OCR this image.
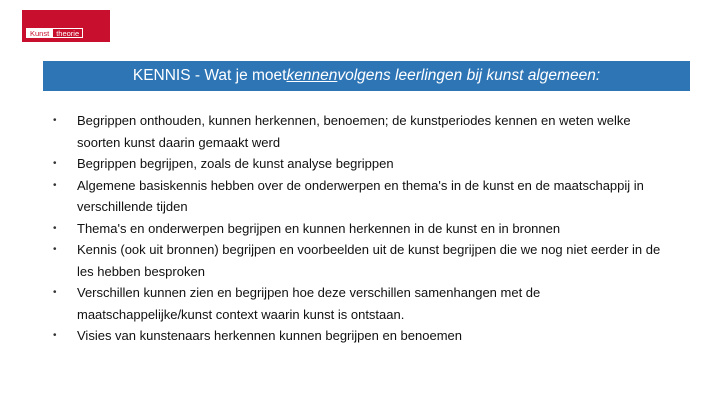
Kunst theorie
KENNIS - Wat je moet kennen volgens leerlingen bij kunst algemeen:
• Begrippen onthouden, kunnen herkennen, benoemen; de kunstperiodes kennen en weten welke soorten kunst daarin gemaakt werd
• Begrippen begrijpen, zoals de kunst analyse begrippen
• Algemene basiskennis hebben over de onderwerpen en thema's in de kunst en de maatschappij in verschillende tijden
• Thema's en onderwerpen begrijpen en kunnen herkennen in de kunst en in bronnen
• Kennis (ook uit bronnen) begrijpen en voorbeelden uit de kunst begrijpen die we nog niet eerder in de les hebben besproken
• Verschillen kunnen zien en begrijpen hoe deze verschillen samenhangen met de maatschappelijke/kunst context waarin kunst is ontstaan.
• Visies van kunstenaars herkennen kunnen begrijpen en benoemen
